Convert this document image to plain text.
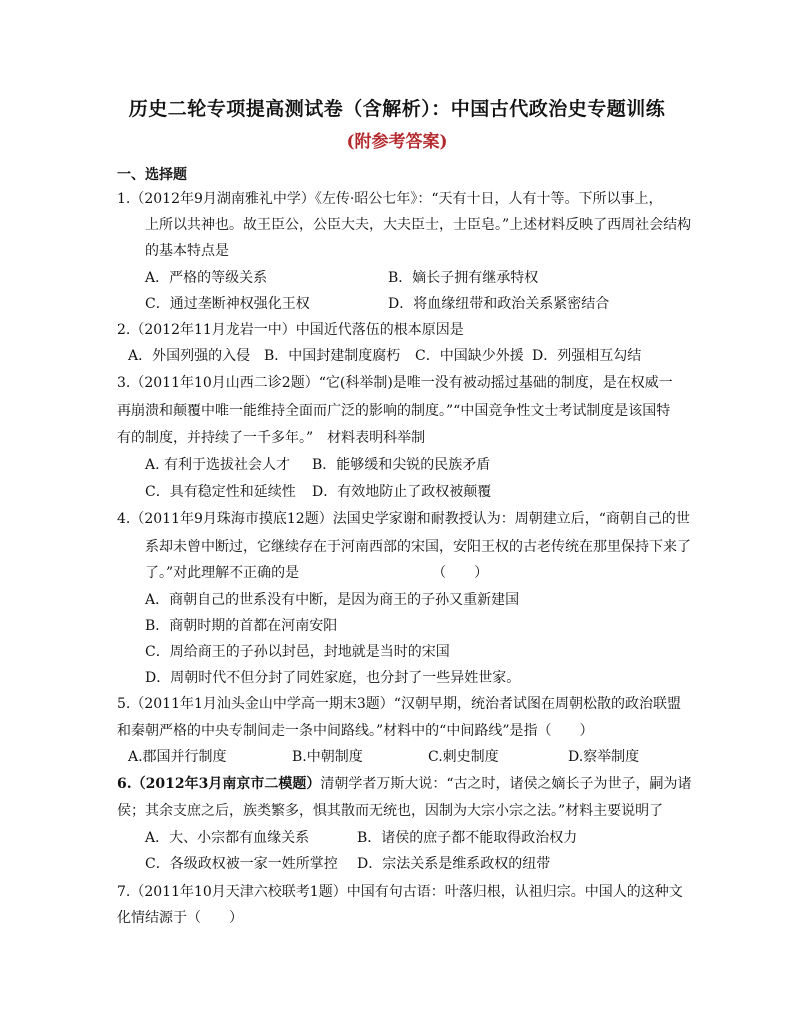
历史二轮专项提高测试卷（含解析）：中国古代政治史专题训练
(附参考答案)
一、选择题
1.（2012年9月湖南雅礼中学）《左传·昭公七年》：“天有十日，人有十等。下所以事上，
上所以共神也。故王臣公，公臣大夫，大夫臣士，士臣皂。”上述材料反映了西周社会结构
的基本特点是
A．严格的等级关系	B．嫡长子拥有继承特权
C．通过垄断神权强化王权	D．将血缘纽带和政治关系紧密结合
2.（2012年11月龙岩一中）中国近代落伍的根本原因是
A．外国列强的入侵 B．中国封建制度腐朽 C．中国缺少外援 D．列强相互勾结
3.（2011年10月山西二诊2题）“它(科举制)是唯一没有被动摇过基础的制度，是在权威一
再崩溃和颠覆中唯一能维持全面而广泛的影响的制度。”“中国竞争性文士考试制度是该国特
有的制度，并持续了一千多年。”　材料表明科举制
A. 有利于选拔社会人才 B．能够缓和尖锐的民族矛盾
C．具有稳定性和延续性 D．有效地防止了政权被颠覆
4.（2011年9月珠海市摸底12题）法国史学家谢和耐教授认为：周朝建立后，“商朝自己的世
系却未曾中断过，它继续存在于河南西部的宋国，安阳王权的古老传统在那里保持下来了
了。”对此理解不正确的是　　　　　　　　　　（　　）
A．商朝自己的世系没有中断，是因为商王的子孙又重新建国
B．商朝时期的首都在河南安阳
C．周给商王的子孙以封邑，封地就是当时的宋国
D．周朝时代不但分封了同姓家庭，也分封了一些异姓世家。
5.（2011年1月汕头金山中学高一期末3题）“汉朝早期，统治者试图在周朝松散的政治联盟
和秦朝严格的中央专制间走一条中间路线。”材料中的“中间路线”是指（　　）
A.郡国并行制度	B.中朝制度	C.刺史制度	D.察举制度
6.（2012年3月南京市二模题）清朝学者万斯大说：“古之时，诸侯之嫡长子为世子，嗣为诸
侯；其余支庶之后，族类繁多，惧其散而无统也，因制为大宗小宗之法。”材料主要说明了
A．大、小宗都有血缘关系	B．诸侯的庶子都不能取得政治权力
C．各级政权被一家一姓所掌控 D．宗法关系是维系政权的纽带
7.（2011年10月天津六校联考1题）中国有句古语：叶落归根，认祖归宗。中国人的这种文
化情结源于（　　）
